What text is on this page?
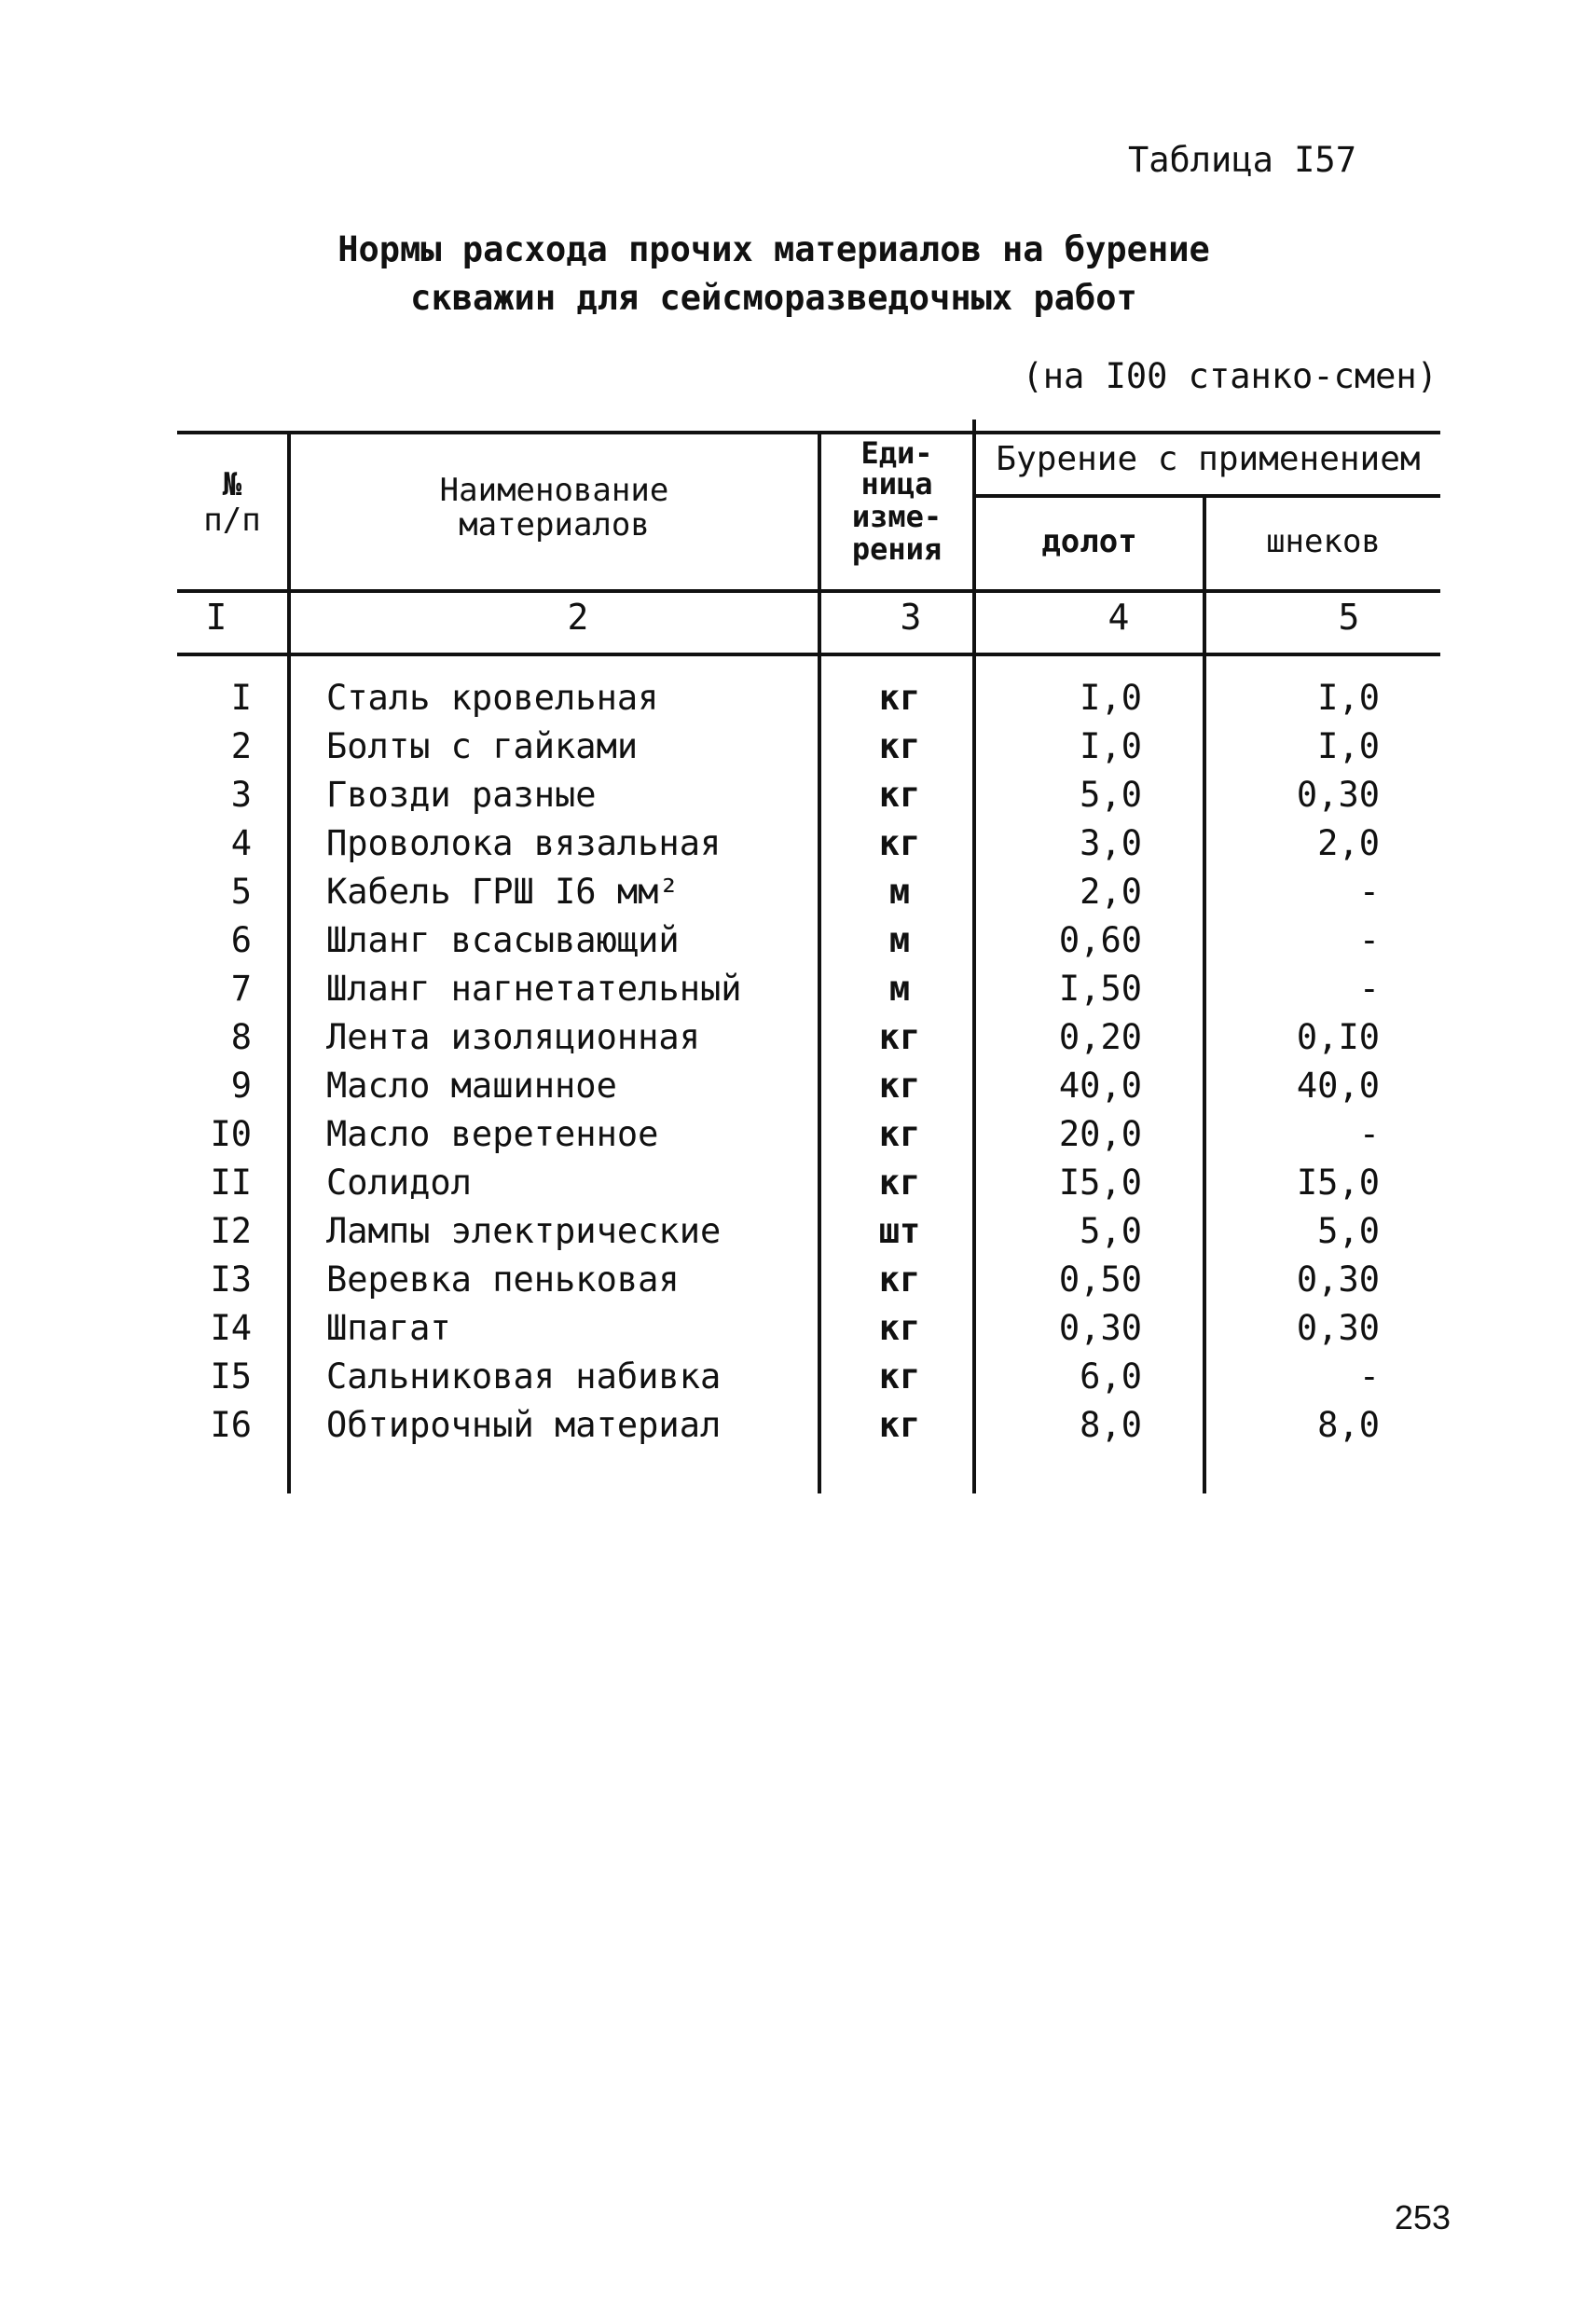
Таблица I57
Нормы расхода прочих материалов на бурение
скважин для сейсморазведочных работ
(на I00 станко-смен)
№
п/п
Наименование
материалов
Еди-
ница
изме-
рения
Бурение с применением
долот	шнеков
I	2	3	4	5
I Сталь кровельная	кг	I,0	I,0
2 Болты с гайками	кг	I,0	I,0
3 Гвозди разные	кг	5,0	0,30
4 Проволока вязальная	кг	3,0	2,0
5 Кабель ГРШ I6 мм²	м	2,0	-
6 Шланг всасывающий	м	0,60	-
7 Шланг нагнетательный	м	I,50	-
8 Лента изоляционная	кг	0,20	0,I0
9 Масло машинное	кг	40,0	40,0
I0 Масло веретенное	кг	20,0	-
II Солидол	кг	I5,0	I5,0
I2 Лампы электрические	шт	5,0	5,0
I3 Веревка пеньковая	кг	0,50	0,30
I4 Шпагат	кг	0,30	0,30
I5 Сальниковая набивка	кг	6,0	-
I6 Обтирочный материал	кг	8,0	8,0
253
